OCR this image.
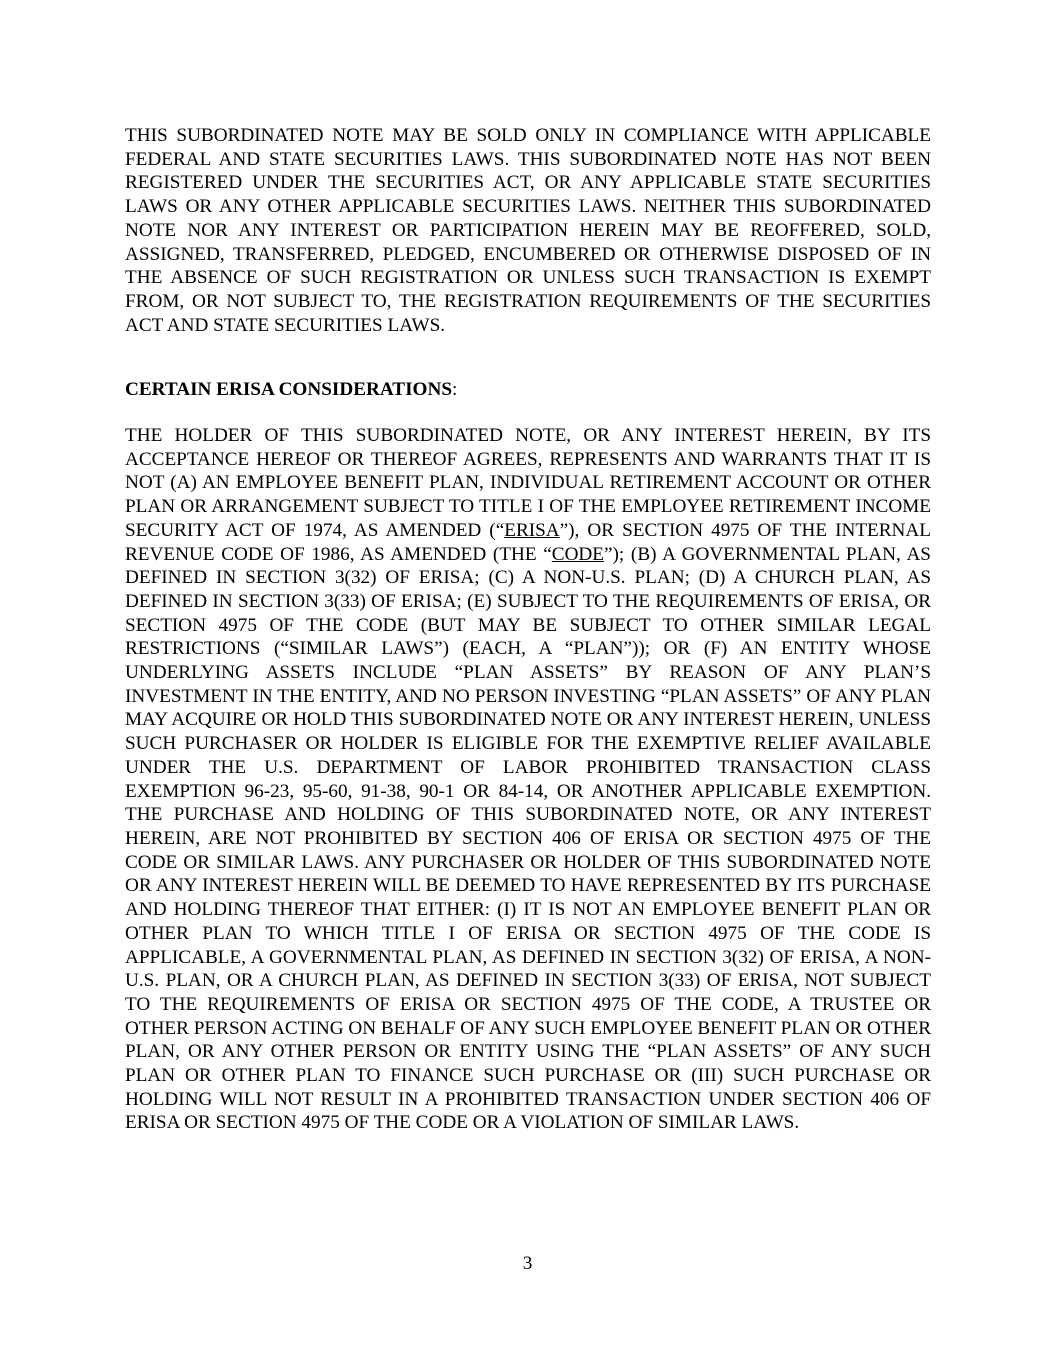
THIS SUBORDINATED NOTE MAY BE SOLD ONLY IN COMPLIANCE WITH APPLICABLE FEDERAL AND STATE SECURITIES LAWS. THIS SUBORDINATED NOTE HAS NOT BEEN REGISTERED UNDER THE SECURITIES ACT, OR ANY APPLICABLE STATE SECURITIES LAWS OR ANY OTHER APPLICABLE SECURITIES LAWS. NEITHER THIS SUBORDINATED NOTE NOR ANY INTEREST OR PARTICIPATION HEREIN MAY BE REOFFERED, SOLD, ASSIGNED, TRANSFERRED, PLEDGED, ENCUMBERED OR OTHERWISE DISPOSED OF IN THE ABSENCE OF SUCH REGISTRATION OR UNLESS SUCH TRANSACTION IS EXEMPT FROM, OR NOT SUBJECT TO, THE REGISTRATION REQUIREMENTS OF THE SECURITIES ACT AND STATE SECURITIES LAWS.

CERTAIN ERISA CONSIDERATIONS:

THE HOLDER OF THIS SUBORDINATED NOTE, OR ANY INTEREST HEREIN, BY ITS ACCEPTANCE HEREOF OR THEREOF AGREES, REPRESENTS AND WARRANTS THAT IT IS NOT (A) AN EMPLOYEE BENEFIT PLAN, INDIVIDUAL RETIREMENT ACCOUNT OR OTHER PLAN OR ARRANGEMENT SUBJECT TO TITLE I OF THE EMPLOYEE RETIREMENT INCOME SECURITY ACT OF 1974, AS AMENDED (“ERISA”), OR SECTION 4975 OF THE INTERNAL REVENUE CODE OF 1986, AS AMENDED (THE “CODE”); (B) A GOVERNMENTAL PLAN, AS DEFINED IN SECTION 3(32) OF ERISA; (C) A NON-U.S. PLAN; (D) A CHURCH PLAN, AS DEFINED IN SECTION 3(33) OF ERISA; (E) SUBJECT TO THE REQUIREMENTS OF ERISA, OR SECTION 4975 OF THE CODE (BUT MAY BE SUBJECT TO OTHER SIMILAR LEGAL RESTRICTIONS (“SIMILAR LAWS”) (EACH, A “PLAN”)); OR (F) AN ENTITY WHOSE UNDERLYING ASSETS INCLUDE “PLAN ASSETS” BY REASON OF ANY PLAN’S INVESTMENT IN THE ENTITY, AND NO PERSON INVESTING “PLAN ASSETS” OF ANY PLAN MAY ACQUIRE OR HOLD THIS SUBORDINATED NOTE OR ANY INTEREST HEREIN, UNLESS SUCH PURCHASER OR HOLDER IS ELIGIBLE FOR THE EXEMPTIVE RELIEF AVAILABLE UNDER THE U.S. DEPARTMENT OF LABOR PROHIBITED TRANSACTION CLASS EXEMPTION 96-23, 95-60, 91-38, 90-1 OR 84-14, OR ANOTHER APPLICABLE EXEMPTION. THE PURCHASE AND HOLDING OF THIS SUBORDINATED NOTE, OR ANY INTEREST HEREIN, ARE NOT PROHIBITED BY SECTION 406 OF ERISA OR SECTION 4975 OF THE CODE OR SIMILAR LAWS. ANY PURCHASER OR HOLDER OF THIS SUBORDINATED NOTE OR ANY INTEREST HEREIN WILL BE DEEMED TO HAVE REPRESENTED BY ITS PURCHASE AND HOLDING THEREOF THAT EITHER: (I) IT IS NOT AN EMPLOYEE BENEFIT PLAN OR OTHER PLAN TO WHICH TITLE I OF ERISA OR SECTION 4975 OF THE CODE IS APPLICABLE, A GOVERNMENTAL PLAN, AS DEFINED IN SECTION 3(32) OF ERISA, A NON-U.S. PLAN, OR A CHURCH PLAN, AS DEFINED IN SECTION 3(33) OF ERISA, NOT SUBJECT TO THE REQUIREMENTS OF ERISA OR SECTION 4975 OF THE CODE, A TRUSTEE OR OTHER PERSON ACTING ON BEHALF OF ANY SUCH EMPLOYEE BENEFIT PLAN OR OTHER PLAN, OR ANY OTHER PERSON OR ENTITY USING THE “PLAN ASSETS” OF ANY SUCH PLAN OR OTHER PLAN TO FINANCE SUCH PURCHASE OR (III) SUCH PURCHASE OR HOLDING WILL NOT RESULT IN A PROHIBITED TRANSACTION UNDER SECTION 406 OF ERISA OR SECTION 4975 OF THE CODE OR A VIOLATION OF SIMILAR LAWS.

3
